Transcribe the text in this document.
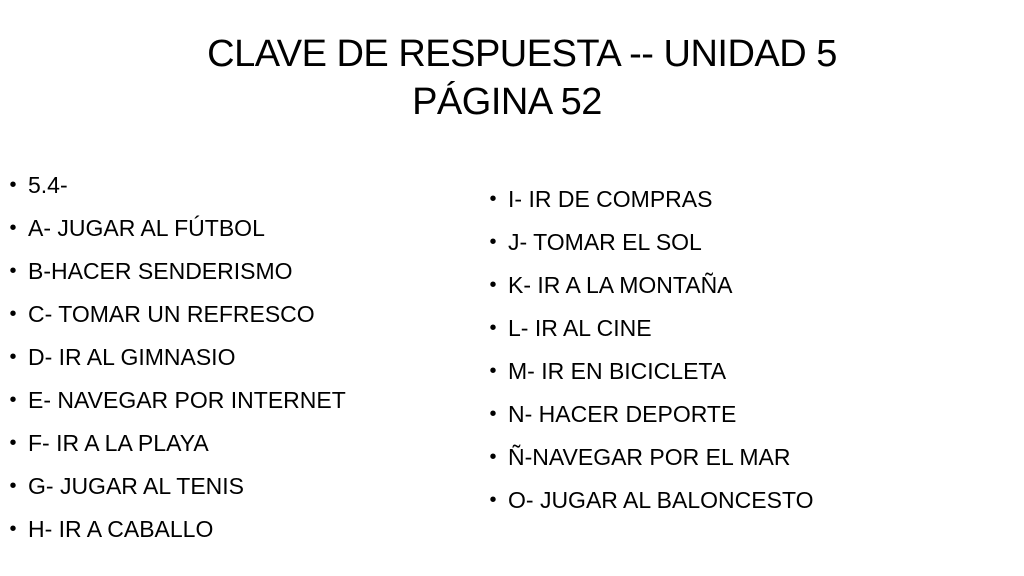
CLAVE DE RESPUESTA -- UNIDAD 5
PÁGINA 52
• 5.4-
• A- JUGAR AL FÚTBOL
• B-HACER SENDERISMO
• C- TOMAR UN REFRESCO
• D- IR AL GIMNASIO
• E- NAVEGAR POR INTERNET
• F- IR A LA PLAYA
• G- JUGAR AL TENIS
• H- IR A CABALLO
• I- IR DE COMPRAS
• J- TOMAR EL SOL
• K- IR A LA MONTAÑA
• L- IR AL CINE
• M- IR EN BICICLETA
• N- HACER DEPORTE
• Ñ-NAVEGAR POR EL MAR
• O- JUGAR AL BALONCESTO
